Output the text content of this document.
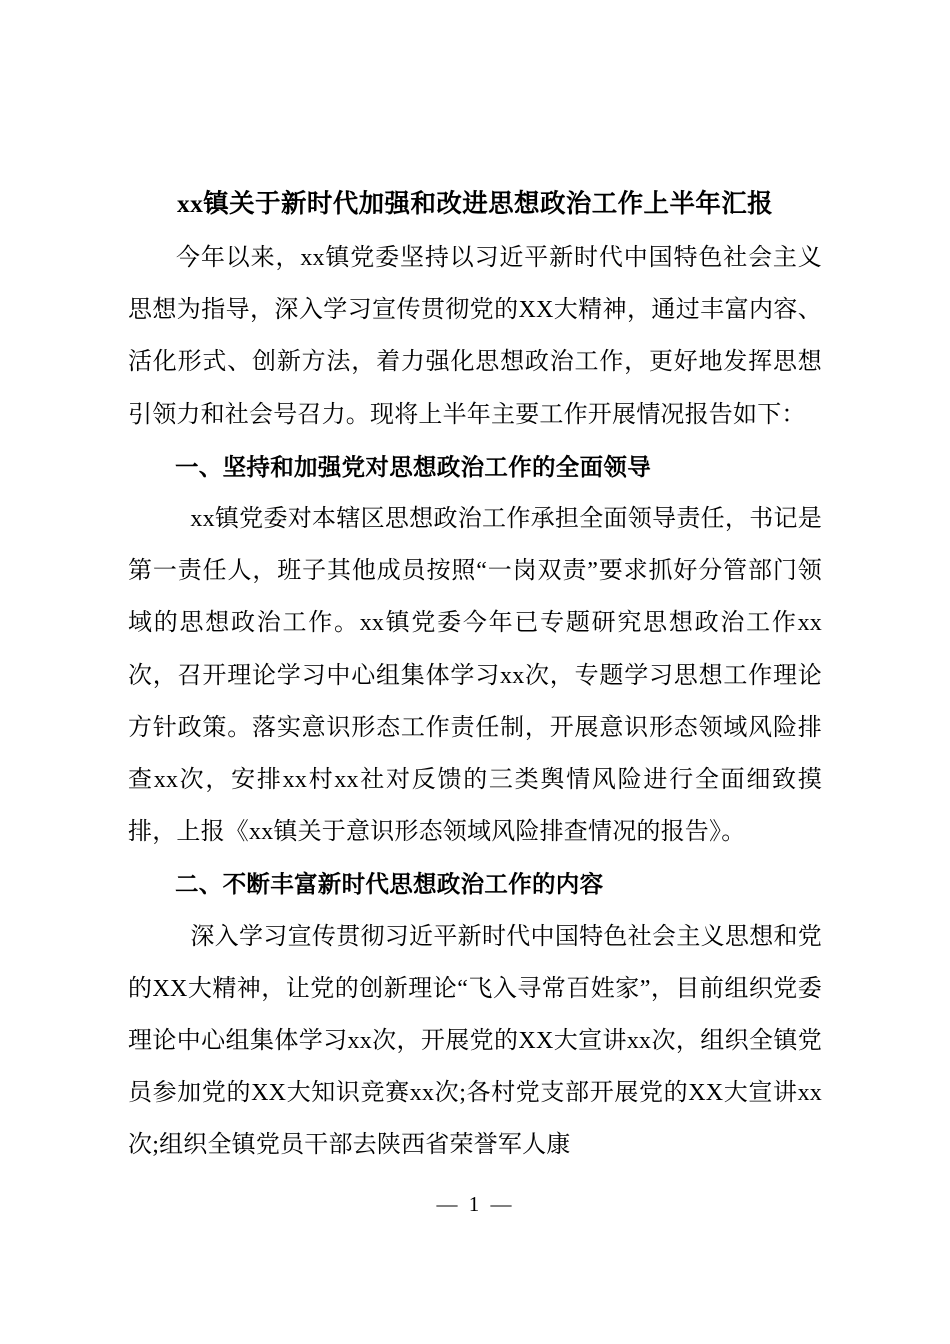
xx镇关于新时代加强和改进思想政治工作上半年汇报

今年以来，xx镇党委坚持以习近平新时代中国特色社会主义思想为指导，深入学习宣传贯彻党的XX大精神，通过丰富内容、活化形式、创新方法，着力强化思想政治工作，更好地发挥思想引领力和社会号召力。现将上半年主要工作开展情况报告如下：

一、坚持和加强党对思想政治工作的全面领导

xx镇党委对本辖区思想政治工作承担全面领导责任，书记是第一责任人，班子其他成员按照“一岗双责”要求抓好分管部门领域的思想政治工作。xx镇党委今年已专题研究思想政治工作xx次，召开理论学习中心组集体学习xx次，专题学习思想工作理论方针政策。落实意识形态工作责任制，开展意识形态领域风险排查xx次，安排xx村xx社对反馈的三类舆情风险进行全面细致摸排，上报《xx镇关于意识形态领域风险排查情况的报告》。

二、不断丰富新时代思想政治工作的内容

深入学习宣传贯彻习近平新时代中国特色社会主义思想和党的XX大精神，让党的创新理论“飞入寻常百姓家”，目前组织党委理论中心组集体学习xx次，开展党的XX大宣讲xx次，组织全镇党员参加党的XX大知识竞赛xx次;各村党支部开展党的XX大宣讲xx次;组织全镇党员干部去陕西省荣誉军人康

— 1 —
